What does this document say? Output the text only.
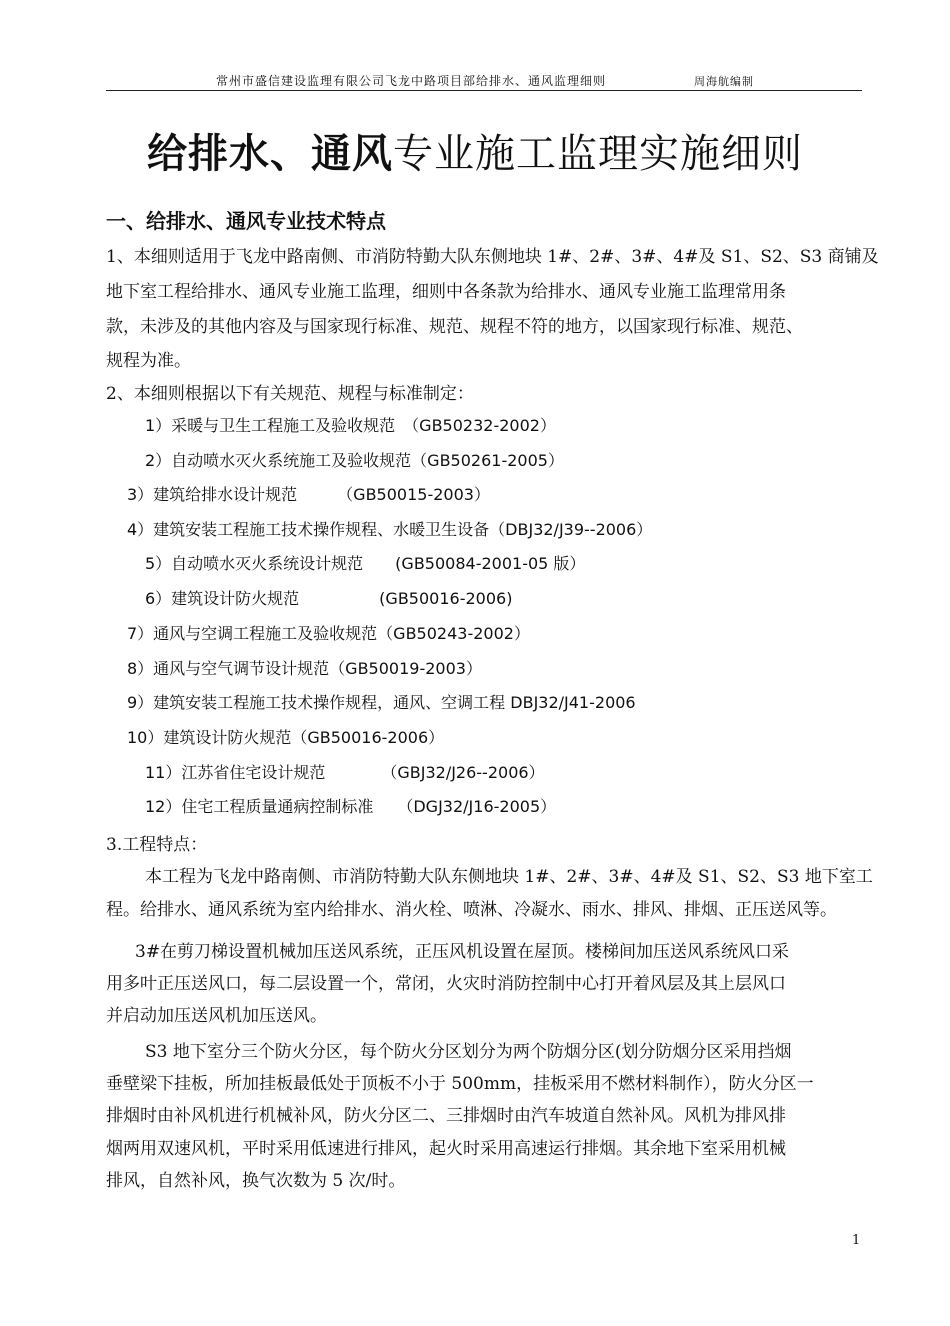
常州市盛信建设监理有限公司飞龙中路项目部给排水、通风监理细则	周海航编制
给排水、通风专业施工监理实施细则
一、给排水、通风专业技术特点
1、本细则适用于飞龙中路南侧、市消防特勤大队东侧地块 1#、2#、3#、4#及 S1、S2、S3 商铺及
地下室工程给排水、通风专业施工监理，细则中各条款为给排水、通风专业施工监理常用条
款，未涉及的其他内容及与国家现行标准、规范、规程不符的地方，以国家现行标准、规范、
规程为准。
2、本细则根据以下有关规范、规程与标准制定：
1）采暖与卫生工程施工及验收规范　（GB50232-2002）
2）自动喷水灭火系统施工及验收规范（GB50261-2005）
3）建筑给排水设计规范　　　（GB50015-2003）
4）建筑安装工程施工技术操作规程、水暖卫生设备（DBJ32/J39--2006）
5）自动喷水灭火系统设计规范　　(GB50084-2001-05 版）
6）建筑设计防火规范　　　　　(GB50016-2006)
7）通风与空调工程施工及验收规范（GB50243-2002）
8）通风与空气调节设计规范（GB50019-2003）
9）建筑安装工程施工技术操作规程，通风、空调工程 DBJ32/J41-2006
10）建筑设计防火规范（GB50016-2006）
11）江苏省住宅设计规范　　　　（GBJ32/J26--2006）
12）住宅工程质量通病控制标准　　（DGJ32/J16-2005）
3.工程特点：
本工程为飞龙中路南侧、市消防特勤大队东侧地块 1#、2#、3#、4#及 S1、S2、S3 地下室工
程。给排水、通风系统为室内给排水、消火栓、喷淋、冷凝水、雨水、排风、排烟、正压送风等。
3#在剪刀梯设置机械加压送风系统，正压风机设置在屋顶。楼梯间加压送风系统风口采
用多叶正压送风口，每二层设置一个，常闭，火灾时消防控制中心打开着风层及其上层风口
并启动加压送风机加压送风。
S3 地下室分三个防火分区，每个防火分区划分为两个防烟分区(划分防烟分区采用挡烟
垂壁梁下挂板，所加挂板最低处于顶板不小于 500mm，挂板采用不燃材料制作），防火分区一
排烟时由补风机进行机械补风，防火分区二、三排烟时由汽车坡道自然补风。风机为排风排
烟两用双速风机，平时采用低速进行排风，起火时采用高速运行排烟。其余地下室采用机械
排风，自然补风，换气次数为 5 次/时。
1
